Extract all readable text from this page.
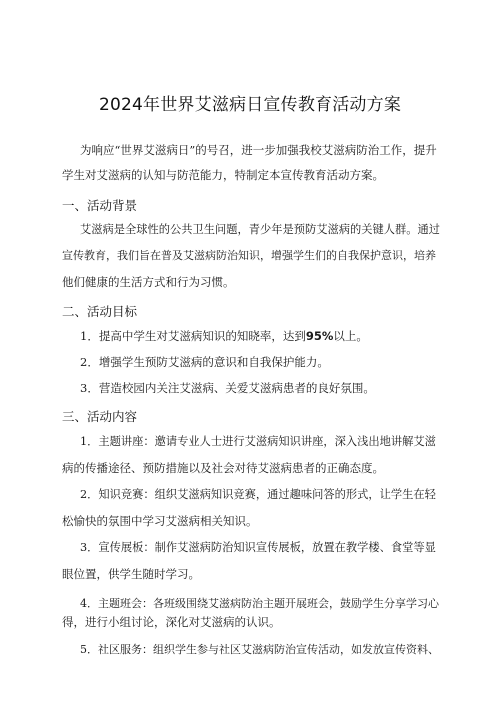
2024年世界艾滋病日宣传教育活动方案
为响应“世界艾滋病日”的号召，进一步加强我校艾滋病防治工作，提升
学生对艾滋病的认知与防范能力，特制定本宣传教育活动方案。
一、活动背景
艾滋病是全球性的公共卫生问题，青少年是预防艾滋病的关键人群。通过
宣传教育，我们旨在普及艾滋病防治知识，增强学生们的自我保护意识，培养
他们健康的生活方式和行为习惯。
二、活动目标
1．提高中学生对艾滋病知识的知晓率，达到95%以上。
2．增强学生预防艾滋病的意识和自我保护能力。
3．营造校园内关注艾滋病、关爱艾滋病患者的良好氛围。
三、活动内容
1．主题讲座：邀请专业人士进行艾滋病知识讲座，深入浅出地讲解艾滋
病的传播途径、预防措施以及社会对待艾滋病患者的正确态度。
2．知识竞赛：组织艾滋病知识竞赛，通过趣味问答的形式，让学生在轻
松愉快的氛围中学习艾滋病相关知识。
3．宣传展板：制作艾滋病防治知识宣传展板，放置在教学楼、食堂等显
眼位置，供学生随时学习。
4．主题班会：各班级围绕艾滋病防治主题开展班会，鼓励学生分享学习心
得，进行小组讨论，深化对艾滋病的认识。
5．社区服务：组织学生参与社区艾滋病防治宣传活动，如发放宣传资料、
